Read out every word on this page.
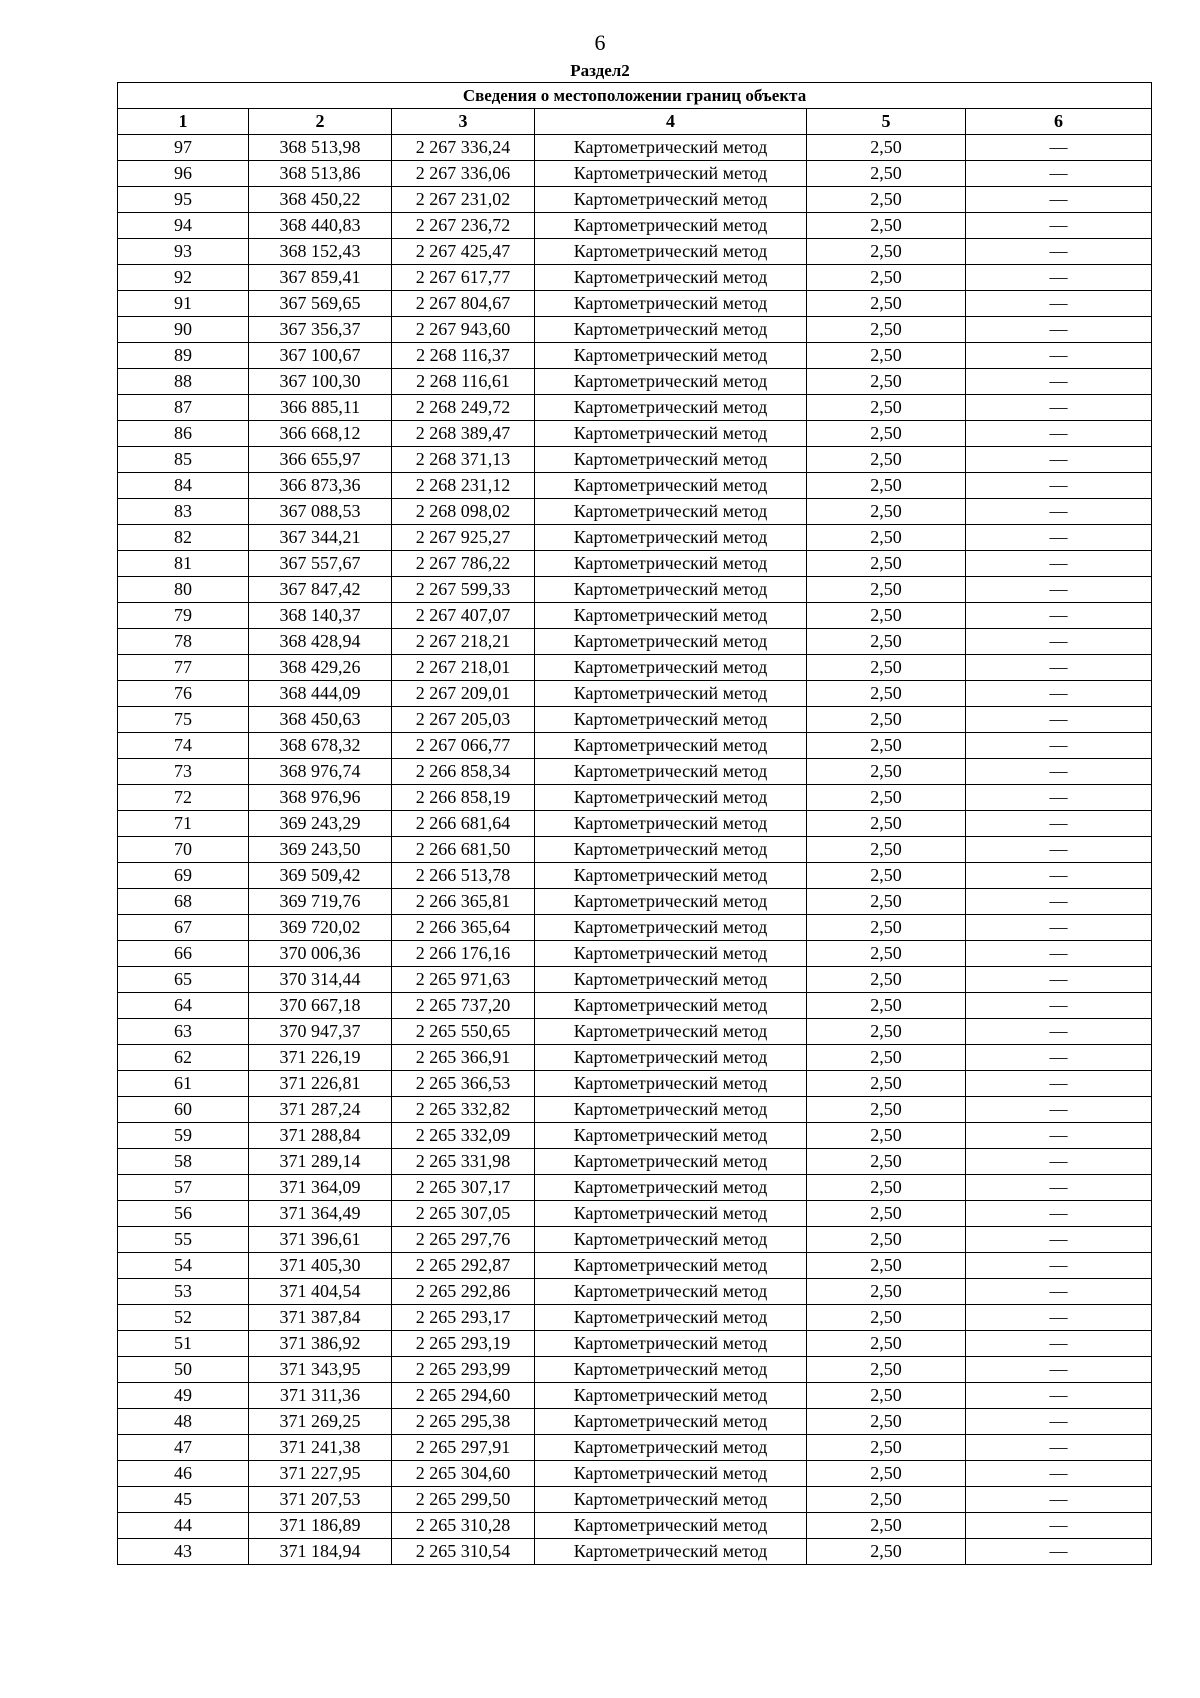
6
Раздел2
Сведения о местоположении границ объекта					
1	2	3	4	5	6
97	368 513,98	2 267 336,24	Картометрический метод	2,50	—
96	368 513,86	2 267 336,06	Картометрический метод	2,50	—
95	368 450,22	2 267 231,02	Картометрический метод	2,50	—
94	368 440,83	2 267 236,72	Картометрический метод	2,50	—
93	368 152,43	2 267 425,47	Картометрический метод	2,50	—
92	367 859,41	2 267 617,77	Картометрический метод	2,50	—
91	367 569,65	2 267 804,67	Картометрический метод	2,50	—
90	367 356,37	2 267 943,60	Картометрический метод	2,50	—
89	367 100,67	2 268 116,37	Картометрический метод	2,50	—
88	367 100,30	2 268 116,61	Картометрический метод	2,50	—
87	366 885,11	2 268 249,72	Картометрический метод	2,50	—
86	366 668,12	2 268 389,47	Картометрический метод	2,50	—
85	366 655,97	2 268 371,13	Картометрический метод	2,50	—
84	366 873,36	2 268 231,12	Картометрический метод	2,50	—
83	367 088,53	2 268 098,02	Картометрический метод	2,50	—
82	367 344,21	2 267 925,27	Картометрический метод	2,50	—
81	367 557,67	2 267 786,22	Картометрический метод	2,50	—
80	367 847,42	2 267 599,33	Картометрический метод	2,50	—
79	368 140,37	2 267 407,07	Картометрический метод	2,50	—
78	368 428,94	2 267 218,21	Картометрический метод	2,50	—
77	368 429,26	2 267 218,01	Картометрический метод	2,50	—
76	368 444,09	2 267 209,01	Картометрический метод	2,50	—
75	368 450,63	2 267 205,03	Картометрический метод	2,50	—
74	368 678,32	2 267 066,77	Картометрический метод	2,50	—
73	368 976,74	2 266 858,34	Картометрический метод	2,50	—
72	368 976,96	2 266 858,19	Картометрический метод	2,50	—
71	369 243,29	2 266 681,64	Картометрический метод	2,50	—
70	369 243,50	2 266 681,50	Картометрический метод	2,50	—
69	369 509,42	2 266 513,78	Картометрический метод	2,50	—
68	369 719,76	2 266 365,81	Картометрический метод	2,50	—
67	369 720,02	2 266 365,64	Картометрический метод	2,50	—
66	370 006,36	2 266 176,16	Картометрический метод	2,50	—
65	370 314,44	2 265 971,63	Картометрический метод	2,50	—
64	370 667,18	2 265 737,20	Картометрический метод	2,50	—
63	370 947,37	2 265 550,65	Картометрический метод	2,50	—
62	371 226,19	2 265 366,91	Картометрический метод	2,50	—
61	371 226,81	2 265 366,53	Картометрический метод	2,50	—
60	371 287,24	2 265 332,82	Картометрический метод	2,50	—
59	371 288,84	2 265 332,09	Картометрический метод	2,50	—
58	371 289,14	2 265 331,98	Картометрический метод	2,50	—
57	371 364,09	2 265 307,17	Картометрический метод	2,50	—
56	371 364,49	2 265 307,05	Картометрический метод	2,50	—
55	371 396,61	2 265 297,76	Картометрический метод	2,50	—
54	371 405,30	2 265 292,87	Картометрический метод	2,50	—
53	371 404,54	2 265 292,86	Картометрический метод	2,50	—
52	371 387,84	2 265 293,17	Картометрический метод	2,50	—
51	371 386,92	2 265 293,19	Картометрический метод	2,50	—
50	371 343,95	2 265 293,99	Картометрический метод	2,50	—
49	371 311,36	2 265 294,60	Картометрический метод	2,50	—
48	371 269,25	2 265 295,38	Картометрический метод	2,50	—
47	371 241,38	2 265 297,91	Картометрический метод	2,50	—
46	371 227,95	2 265 304,60	Картометрический метод	2,50	—
45	371 207,53	2 265 299,50	Картометрический метод	2,50	—
44	371 186,89	2 265 310,28	Картометрический метод	2,50	—
43	371 184,94	2 265 310,54	Картометрический метод	2,50	—
